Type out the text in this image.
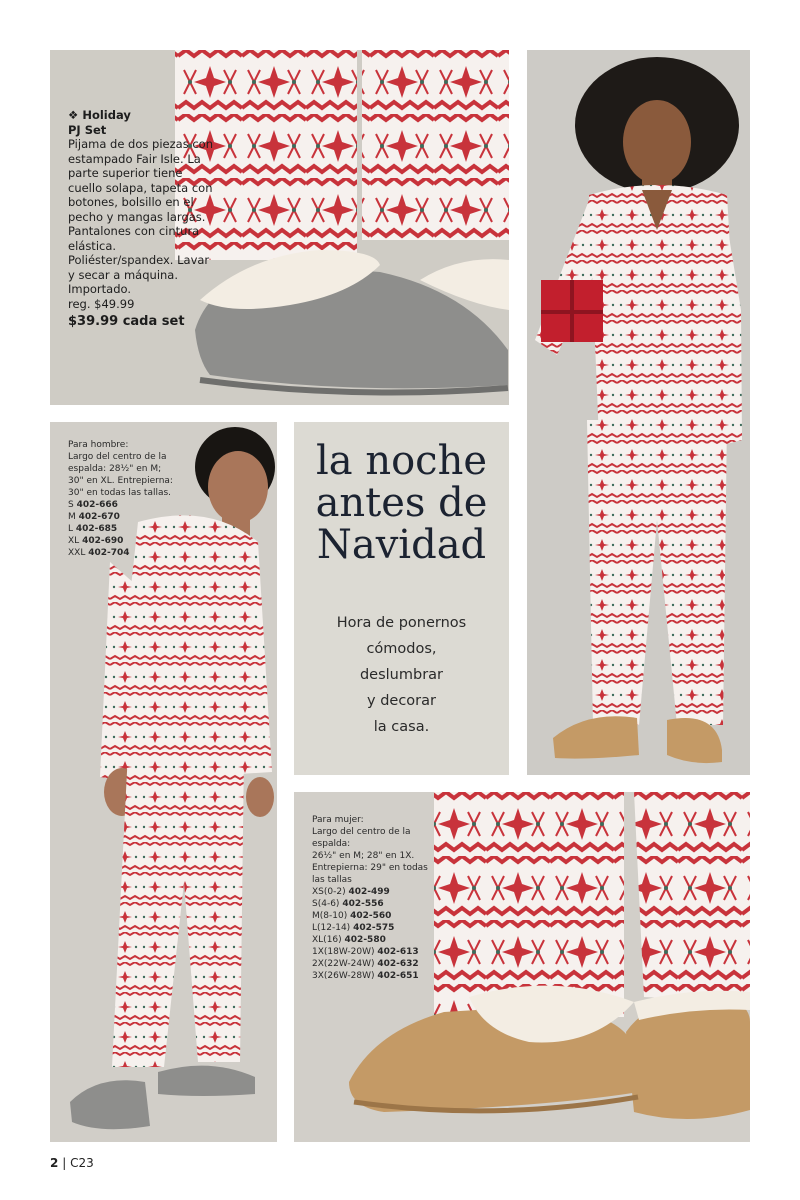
❖ Holiday
PJ Set
Pijama de dos piezas con estampado Fair Isle. La parte superior tiene cuello solapa, tapeta con botones, bolsillo en el pecho y mangas largas. Pantalones con cintura elástica. Poliéster/spandex. Lavar y secar a máquina. Importado.
reg. $49.99
$39.99 cada set
Para hombre:
Largo del centro de la
espalda: 28½" en M;
30" en XL. Entrepierna:
30" en todas las tallas.
S 402-666
M 402-670
L 402-685
XL 402-690
XXL 402-704
la noche
antes de
Navidad
Hora de ponernos
cómodos,
deslumbrar
y decorar
la casa.
Para mujer:
Largo del centro de la
espalda:
26½" en M; 28" en 1X.
Entrepierna: 29" en todas
las tallas
XS(0-2) 402-499
S(4-6) 402-556
M(8-10) 402-560
L(12-14) 402-575
XL(16) 402-580
1X(18W-20W) 402-613
2X(22W-24W) 402-632
3X(26W-28W) 402-651
2 | C23
